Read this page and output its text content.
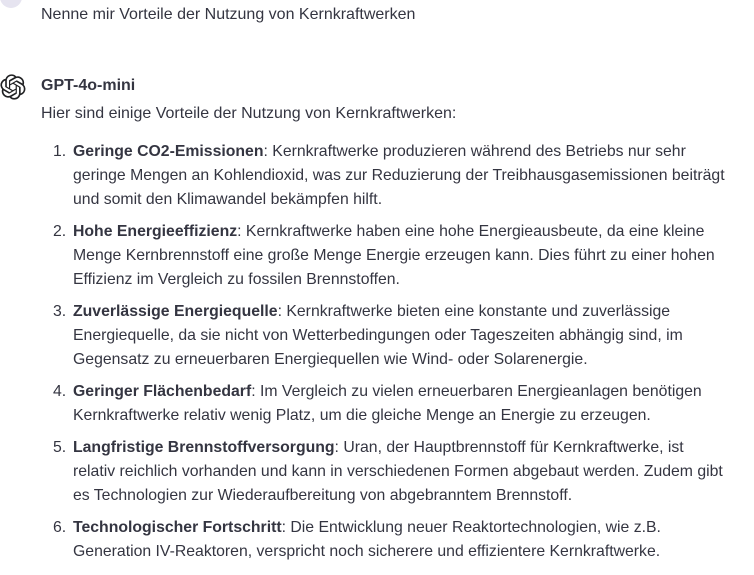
Nenne mir Vorteile der Nutzung von Kernkraftwerken
GPT-4o-mini
Hier sind einige Vorteile der Nutzung von Kernkraftwerken:
1. Geringe CO2-Emissionen: Kernkraftwerke produzieren während des Betriebs nur sehr geringe Mengen an Kohlendioxid, was zur Reduzierung der Treibhausgasemissionen beiträgt und somit den Klimawandel bekämpfen hilft.
2. Hohe Energieeffizienz: Kernkraftwerke haben eine hohe Energieausbeute, da eine kleine Menge Kernbrennstoff eine große Menge Energie erzeugen kann. Dies führt zu einer hohen Effizienz im Vergleich zu fossilen Brennstoffen.
3. Zuverlässige Energiequelle: Kernkraftwerke bieten eine konstante und zuverlässige Energiequelle, da sie nicht von Wetterbedingungen oder Tageszeiten abhängig sind, im Gegensatz zu erneuerbaren Energiequellen wie Wind- oder Solarenergie.
4. Geringer Flächenbedarf: Im Vergleich zu vielen erneuerbaren Energieanlagen benötigen Kernkraftwerke relativ wenig Platz, um die gleiche Menge an Energie zu erzeugen.
5. Langfristige Brennstoffversorgung: Uran, der Hauptbrennstoff für Kernkraftwerke, ist relativ reichlich vorhanden und kann in verschiedenen Formen abgebaut werden. Zudem gibt es Technologien zur Wiederaufbereitung von abgebranntem Brennstoff.
6. Technologischer Fortschritt: Die Entwicklung neuer Reaktortechnologien, wie z.B. Generation IV-Reaktoren, verspricht noch sicherere und effizientere Kernkraftwerke.
